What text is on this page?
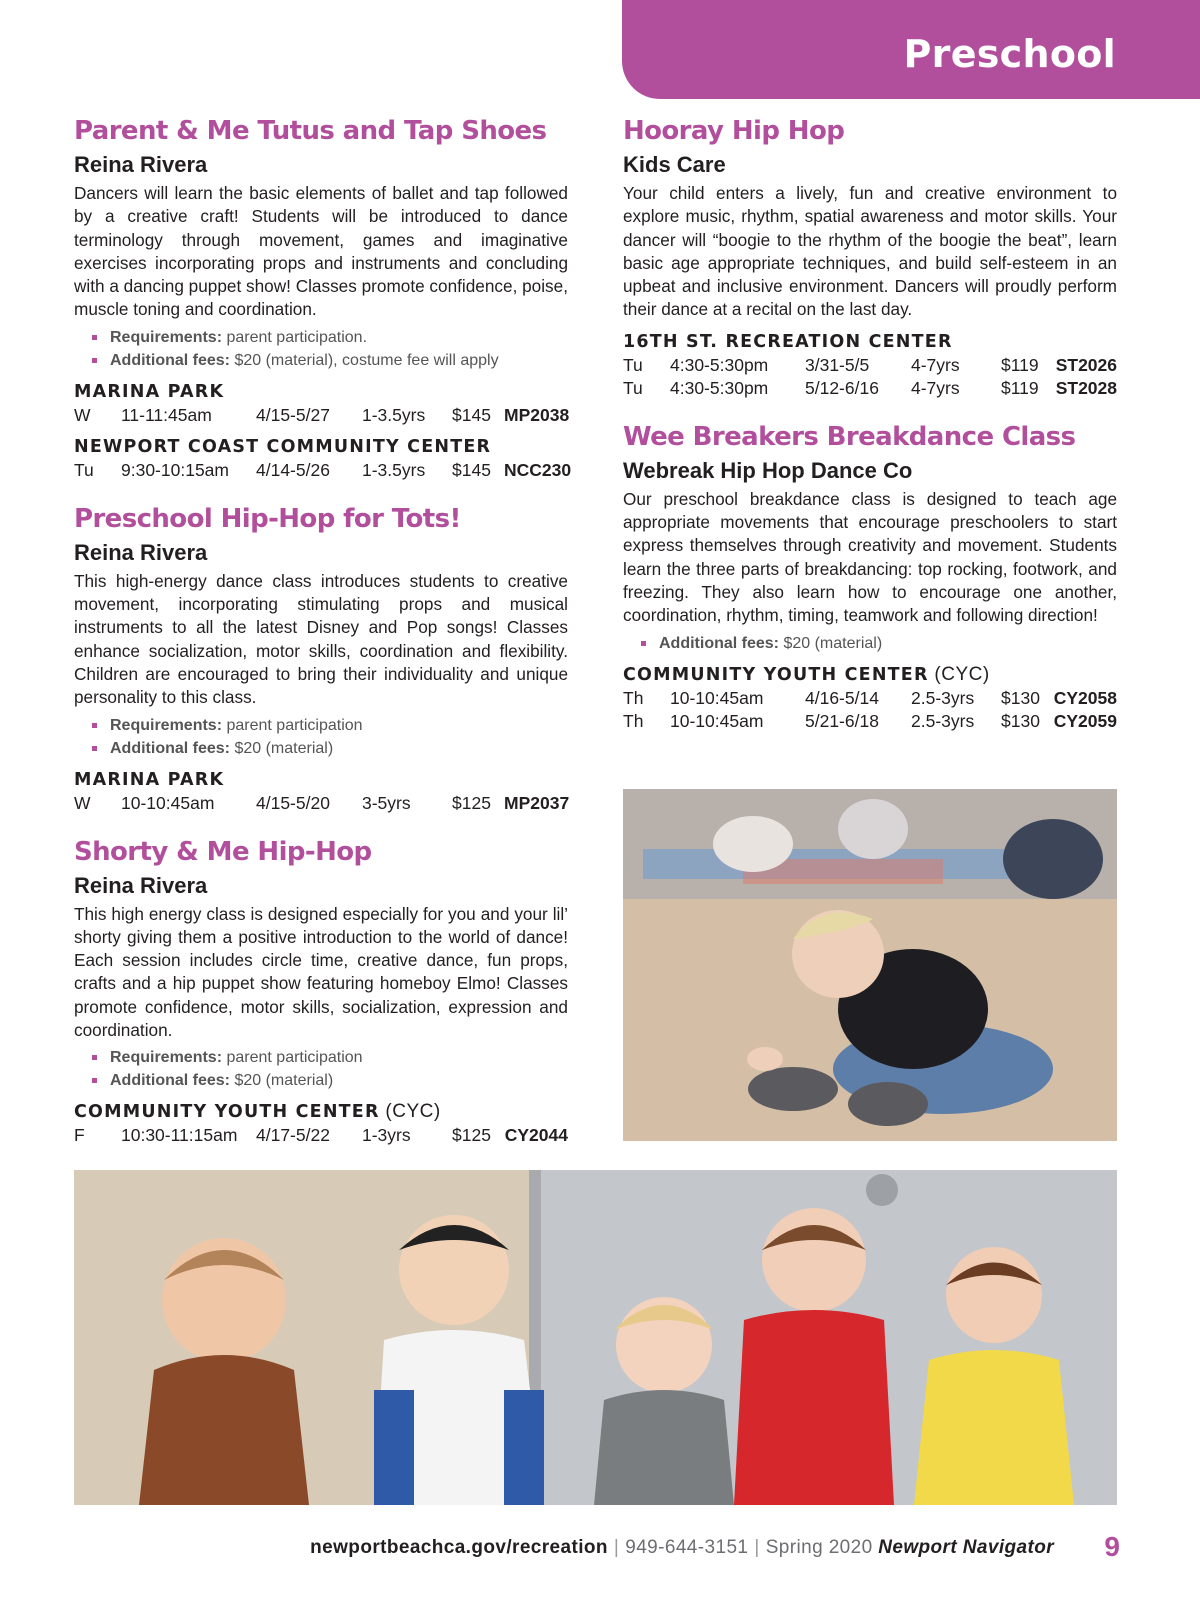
Preschool
Parent & Me Tutus and Tap Shoes
Reina Rivera

Dancers will learn the basic elements of ballet and tap followed by a creative craft! Students will be introduced to dance terminology through movement, games and imaginative exercises incorporating props and instruments and concluding with a dancing puppet show! Classes promote confidence, poise, muscle toning and coordination.

Requirements: parent participation.
Additional fees: $20 (material), costume fee will apply
MARINA PARK
W	11-11:45am	4/15-5/27	1-3.5yrs	$145 MP2038
NEWPORT COAST COMMUNITY CENTER
Tu	9:30-10:15am	4/14-5/26	1-3.5yrs	$145 NCC230
Preschool Hip-Hop for Tots!
Reina Rivera

This high-energy dance class introduces students to creative movement, incorporating stimulating props and musical instruments to all the latest Disney and Pop songs! Classes enhance socialization, motor skills, coordination and flexibility. Children are encouraged to bring their individuality and unique personality to this class.

Requirements: parent participation
Additional fees: $20 (material)
MARINA PARK
W	10-10:45am	4/15-5/20	3-5yrs	$125 MP2037
Shorty & Me Hip-Hop
Reina Rivera

This high energy class is designed especially for you and your lil’ shorty giving them a positive introduction to the world of dance! Each session includes circle time, creative dance, fun props, crafts and a hip puppet show featuring homeboy Elmo! Classes promote confidence, motor skills, socialization, expression and coordination.

Requirements: parent participation
Additional fees: $20 (material)
COMMUNITY YOUTH CENTER (CYC)
F	10:30-11:15am	4/17-5/22	1-3yrs	$125 CY2044
Hooray Hip Hop
Kids Care

Your child enters a lively, fun and creative environment to explore music, rhythm, spatial awareness and motor skills. Your dancer will “boogie to the rhythm of the boogie the beat”, learn basic age appropriate techniques, and build self-esteem in an upbeat and inclusive environment. Dancers will proudly perform their dance at a recital on the last day.

16TH ST. RECREATION CENTER
Tu	4:30-5:30pm	3/31-5/5	4-7yrs	$119 ST2026
Tu	4:30-5:30pm	5/12-6/16	4-7yrs	$119 ST2028
Wee Breakers Breakdance Class
Webreak Hip Hop Dance Co

Our preschool breakdance class is designed to teach age appropriate movements that encourage preschoolers to start express themselves through creativity and movement. Students learn the three parts of breakdancing: top rocking, footwork, and freezing. They also learn how to encourage one another, coordination, rhythm, timing, teamwork and following direction!

Additional fees: $20 (material)
COMMUNITY YOUTH CENTER (CYC)
Th	10-10:45am	4/16-5/14	2.5-3yrs	$130 CY2058
Th	10-10:45am	5/21-6/18	2.5-3yrs	$130 CY2059
newportbeachca.gov/recreation | 949-644-3151 | Spring 2020 Newport Navigator 9
